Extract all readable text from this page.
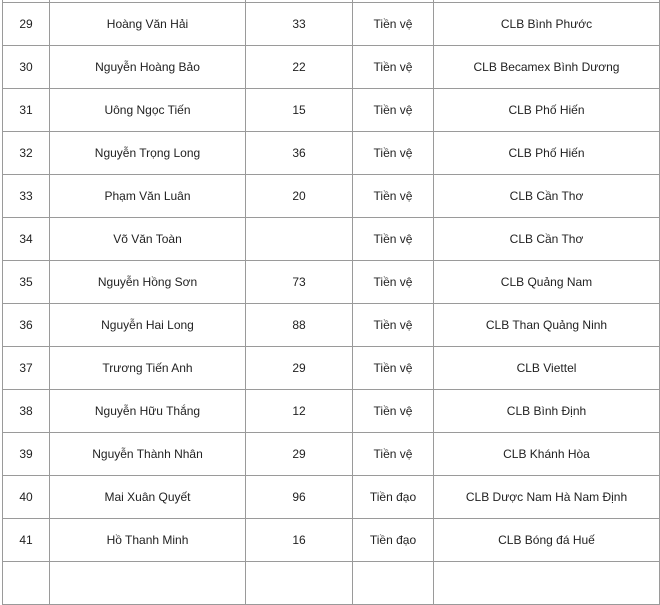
29	Hoàng Văn Hải	33	Tiền vệ	CLB Bình Phước
30	Nguyễn Hoàng Bảo	22	Tiền vệ	CLB Becamex Bình Dương
31	Uông Ngọc Tiến	15	Tiền vệ	CLB Phố Hiến
32	Nguyễn Trọng Long	36	Tiền vệ	CLB Phố Hiến
33	Phạm Văn Luân	20	Tiền vệ	CLB Cần Thơ
34	Võ Văn Toàn		Tiền vệ	CLB Cần Thơ
35	Nguyễn Hồng Sơn	73	Tiền vệ	CLB Quảng Nam
36	Nguyễn Hai Long	88	Tiền vệ	CLB Than Quảng Ninh
37	Trương Tiến Anh	29	Tiền vệ	CLB Viettel
38	Nguyễn Hữu Thắng	12	Tiền vệ	CLB Bình Định
39	Nguyễn Thành Nhân	29	Tiền vệ	CLB Khánh Hòa
40	Mai Xuân Quyết	96	Tiền đạo	CLB Dược Nam Hà Nam Định
41	Hồ Thanh Minh	16	Tiền đạo	CLB Bóng đá Huế
